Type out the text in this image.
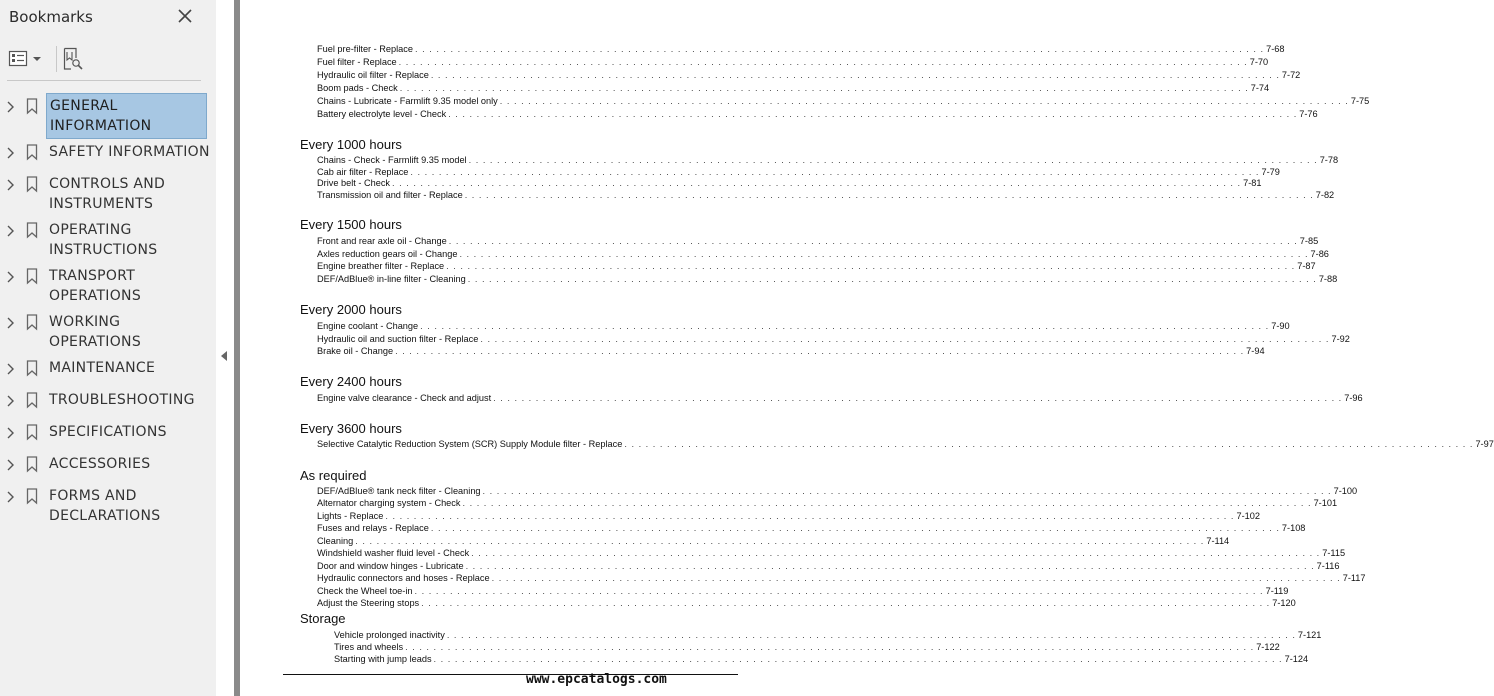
Bookmarks
GENERAL
INFORMATION
SAFETY INFORMATION
CONTROLS AND
INSTRUMENTS
OPERATING
INSTRUCTIONS
TRANSPORT
OPERATIONS
WORKING
OPERATIONS
MAINTENANCE
TROUBLESHOOTING
SPECIFICATIONS
ACCESSORIES
FORMS AND
DECLARATIONS
www.epcatalogs.com
Fuel pre-filter - Replace . . . . . . . . . . . . . . . . . . . . . . . . . . . . . . . . . . . . . . . . . . . . . . . . . . . . . . . . . . . . . . . . . . . . . . . . . . . . . . . . . . . . . . . . . . . . . . . . . . . . . . . . . . . . . . . . . . . . . . . . 7-68
Fuel filter - Replace . . . . . . . . . . . . . . . . . . . . . . . . . . . . . . . . . . . . . . . . . . . . . . . . . . . . . . . . . . . . . . . . . . . . . . . . . . . . . . . . . . . . . . . . . . . . . . . . . . . . . . . . . . . . . . . . . . . . . . . . 7-70
Hydraulic oil filter - Replace . . . . . . . . . . . . . . . . . . . . . . . . . . . . . . . . . . . . . . . . . . . . . . . . . . . . . . . . . . . . . . . . . . . . . . . . . . . . . . . . . . . . . . . . . . . . . . . . . . . . . . . . . . . . . . . . . . . . . . . . 7-72
Boom pads - Check . . . . . . . . . . . . . . . . . . . . . . . . . . . . . . . . . . . . . . . . . . . . . . . . . . . . . . . . . . . . . . . . . . . . . . . . . . . . . . . . . . . . . . . . . . . . . . . . . . . . . . . . . . . . . . . . . . . . . . . . 7-74
Chains - Lubricate - Farmlift 9.35 model only . . . . . . . . . . . . . . . . . . . . . . . . . . . . . . . . . . . . . . . . . . . . . . . . . . . . . . . . . . . . . . . . . . . . . . . . . . . . . . . . . . . . . . . . . . . . . . . . . . . . . . . . . . . . . . . . . . . . . . . . 7-75
Battery electrolyte level - Check . . . . . . . . . . . . . . . . . . . . . . . . . . . . . . . . . . . . . . . . . . . . . . . . . . . . . . . . . . . . . . . . . . . . . . . . . . . . . . . . . . . . . . . . . . . . . . . . . . . . . . . . . . . . . . . . . . . . . . . . 7-76
Every 1000 hours
Chains - Check - Farmlift 9.35 model . . . . . . . . . . . . . . . . . . . . . . . . . . . . . . . . . . . . . . . . . . . . . . . . . . . . . . . . . . . . . . . . . . . . . . . . . . . . . . . . . . . . . . . . . . . . . . . . . . . . . . . . . . . . . . . . . . . . . . . . 7-78
Cab air filter - Replace . . . . . . . . . . . . . . . . . . . . . . . . . . . . . . . . . . . . . . . . . . . . . . . . . . . . . . . . . . . . . . . . . . . . . . . . . . . . . . . . . . . . . . . . . . . . . . . . . . . . . . . . . . . . . . . . . . . . . . . . 7-79
Drive belt - Check . . . . . . . . . . . . . . . . . . . . . . . . . . . . . . . . . . . . . . . . . . . . . . . . . . . . . . . . . . . . . . . . . . . . . . . . . . . . . . . . . . . . . . . . . . . . . . . . . . . . . . . . . . . . . . . . . . . . . . . . 7-81
Transmission oil and filter - Replace . . . . . . . . . . . . . . . . . . . . . . . . . . . . . . . . . . . . . . . . . . . . . . . . . . . . . . . . . . . . . . . . . . . . . . . . . . . . . . . . . . . . . . . . . . . . . . . . . . . . . . . . . . . . . . . . . . . . . . . . 7-82
Every 1500 hours
Front and rear axle oil - Change . . . . . . . . . . . . . . . . . . . . . . . . . . . . . . . . . . . . . . . . . . . . . . . . . . . . . . . . . . . . . . . . . . . . . . . . . . . . . . . . . . . . . . . . . . . . . . . . . . . . . . . . . . . . . . . . . . . . . . . . 7-85
Axles reduction gears oil - Change . . . . . . . . . . . . . . . . . . . . . . . . . . . . . . . . . . . . . . . . . . . . . . . . . . . . . . . . . . . . . . . . . . . . . . . . . . . . . . . . . . . . . . . . . . . . . . . . . . . . . . . . . . . . . . . . . . . . . . . . 7-86
Engine breather filter - Replace . . . . . . . . . . . . . . . . . . . . . . . . . . . . . . . . . . . . . . . . . . . . . . . . . . . . . . . . . . . . . . . . . . . . . . . . . . . . . . . . . . . . . . . . . . . . . . . . . . . . . . . . . . . . . . . . . . . . . . . . 7-87
DEF/AdBlue® in-line filter - Cleaning . . . . . . . . . . . . . . . . . . . . . . . . . . . . . . . . . . . . . . . . . . . . . . . . . . . . . . . . . . . . . . . . . . . . . . . . . . . . . . . . . . . . . . . . . . . . . . . . . . . . . . . . . . . . . . . . . . . . . . . . 7-88
Every 2000 hours
Engine coolant - Change . . . . . . . . . . . . . . . . . . . . . . . . . . . . . . . . . . . . . . . . . . . . . . . . . . . . . . . . . . . . . . . . . . . . . . . . . . . . . . . . . . . . . . . . . . . . . . . . . . . . . . . . . . . . . . . . . . . . . . . . 7-90
Hydraulic oil and suction filter - Replace . . . . . . . . . . . . . . . . . . . . . . . . . . . . . . . . . . . . . . . . . . . . . . . . . . . . . . . . . . . . . . . . . . . . . . . . . . . . . . . . . . . . . . . . . . . . . . . . . . . . . . . . . . . . . . . . . . . . . . . . 7-92
Brake oil - Change . . . . . . . . . . . . . . . . . . . . . . . . . . . . . . . . . . . . . . . . . . . . . . . . . . . . . . . . . . . . . . . . . . . . . . . . . . . . . . . . . . . . . . . . . . . . . . . . . . . . . . . . . . . . . . . . . . . . . . . . 7-94
Every 2400 hours
Engine valve clearance - Check and adjust . . . . . . . . . . . . . . . . . . . . . . . . . . . . . . . . . . . . . . . . . . . . . . . . . . . . . . . . . . . . . . . . . . . . . . . . . . . . . . . . . . . . . . . . . . . . . . . . . . . . . . . . . . . . . . . . . . . . . . . . 7-96
Every 3600 hours
Selective Catalytic Reduction System (SCR) Supply Module filter - Replace . . . . . . . . . . . . . . . . . . . . . . . . . . . . . . . . . . . . . . . . . . . . . . . . . . . . . . . . . . . . . . . . . . . . . . . . . . . . . . . . . . . . . . . . . . . . . . . . . . . . . . . . . . . . . . . . . . . . . . . . 7-97
As required
DEF/AdBlue® tank neck filter - Cleaning . . . . . . . . . . . . . . . . . . . . . . . . . . . . . . . . . . . . . . . . . . . . . . . . . . . . . . . . . . . . . . . . . . . . . . . . . . . . . . . . . . . . . . . . . . . . . . . . . . . . . . . . . . . . . . . . . . . . . . . . 7-100
Alternator charging system - Check . . . . . . . . . . . . . . . . . . . . . . . . . . . . . . . . . . . . . . . . . . . . . . . . . . . . . . . . . . . . . . . . . . . . . . . . . . . . . . . . . . . . . . . . . . . . . . . . . . . . . . . . . . . . . . . . . . . . . . . . 7-101
Lights - Replace . . . . . . . . . . . . . . . . . . . . . . . . . . . . . . . . . . . . . . . . . . . . . . . . . . . . . . . . . . . . . . . . . . . . . . . . . . . . . . . . . . . . . . . . . . . . . . . . . . . . . . . . . . . . . . . . . . . . . . . . 7-102
Fuses and relays - Replace . . . . . . . . . . . . . . . . . . . . . . . . . . . . . . . . . . . . . . . . . . . . . . . . . . . . . . . . . . . . . . . . . . . . . . . . . . . . . . . . . . . . . . . . . . . . . . . . . . . . . . . . . . . . . . . . . . . . . . . . 7-108
Cleaning . . . . . . . . . . . . . . . . . . . . . . . . . . . . . . . . . . . . . . . . . . . . . . . . . . . . . . . . . . . . . . . . . . . . . . . . . . . . . . . . . . . . . . . . . . . . . . . . . . . . . . . . . . . . . . . . . . . . . . . . 7-114
Windshield washer fluid level - Check . . . . . . . . . . . . . . . . . . . . . . . . . . . . . . . . . . . . . . . . . . . . . . . . . . . . . . . . . . . . . . . . . . . . . . . . . . . . . . . . . . . . . . . . . . . . . . . . . . . . . . . . . . . . . . . . . . . . . . . . 7-115
Door and window hinges - Lubricate . . . . . . . . . . . . . . . . . . . . . . . . . . . . . . . . . . . . . . . . . . . . . . . . . . . . . . . . . . . . . . . . . . . . . . . . . . . . . . . . . . . . . . . . . . . . . . . . . . . . . . . . . . . . . . . . . . . . . . . . 7-116
Hydraulic connectors and hoses - Replace . . . . . . . . . . . . . . . . . . . . . . . . . . . . . . . . . . . . . . . . . . . . . . . . . . . . . . . . . . . . . . . . . . . . . . . . . . . . . . . . . . . . . . . . . . . . . . . . . . . . . . . . . . . . . . . . . . . . . . . . 7-117
Check the Wheel toe-in . . . . . . . . . . . . . . . . . . . . . . . . . . . . . . . . . . . . . . . . . . . . . . . . . . . . . . . . . . . . . . . . . . . . . . . . . . . . . . . . . . . . . . . . . . . . . . . . . . . . . . . . . . . . . . . . . . . . . . . . 7-119
Adjust the Steering stops . . . . . . . . . . . . . . . . . . . . . . . . . . . . . . . . . . . . . . . . . . . . . . . . . . . . . . . . . . . . . . . . . . . . . . . . . . . . . . . . . . . . . . . . . . . . . . . . . . . . . . . . . . . . . . . . . . . . . . . . 7-120
Storage
Vehicle prolonged inactivity . . . . . . . . . . . . . . . . . . . . . . . . . . . . . . . . . . . . . . . . . . . . . . . . . . . . . . . . . . . . . . . . . . . . . . . . . . . . . . . . . . . . . . . . . . . . . . . . . . . . . . . . . . . . . . . . . . . . . . . . 7-121
Tires and wheels . . . . . . . . . . . . . . . . . . . . . . . . . . . . . . . . . . . . . . . . . . . . . . . . . . . . . . . . . . . . . . . . . . . . . . . . . . . . . . . . . . . . . . . . . . . . . . . . . . . . . . . . . . . . . . . . . . . . . . . . 7-122
Starting with jump leads . . . . . . . . . . . . . . . . . . . . . . . . . . . . . . . . . . . . . . . . . . . . . . . . . . . . . . . . . . . . . . . . . . . . . . . . . . . . . . . . . . . . . . . . . . . . . . . . . . . . . . . . . . . . . . . . . . . . . . . . 7-124
